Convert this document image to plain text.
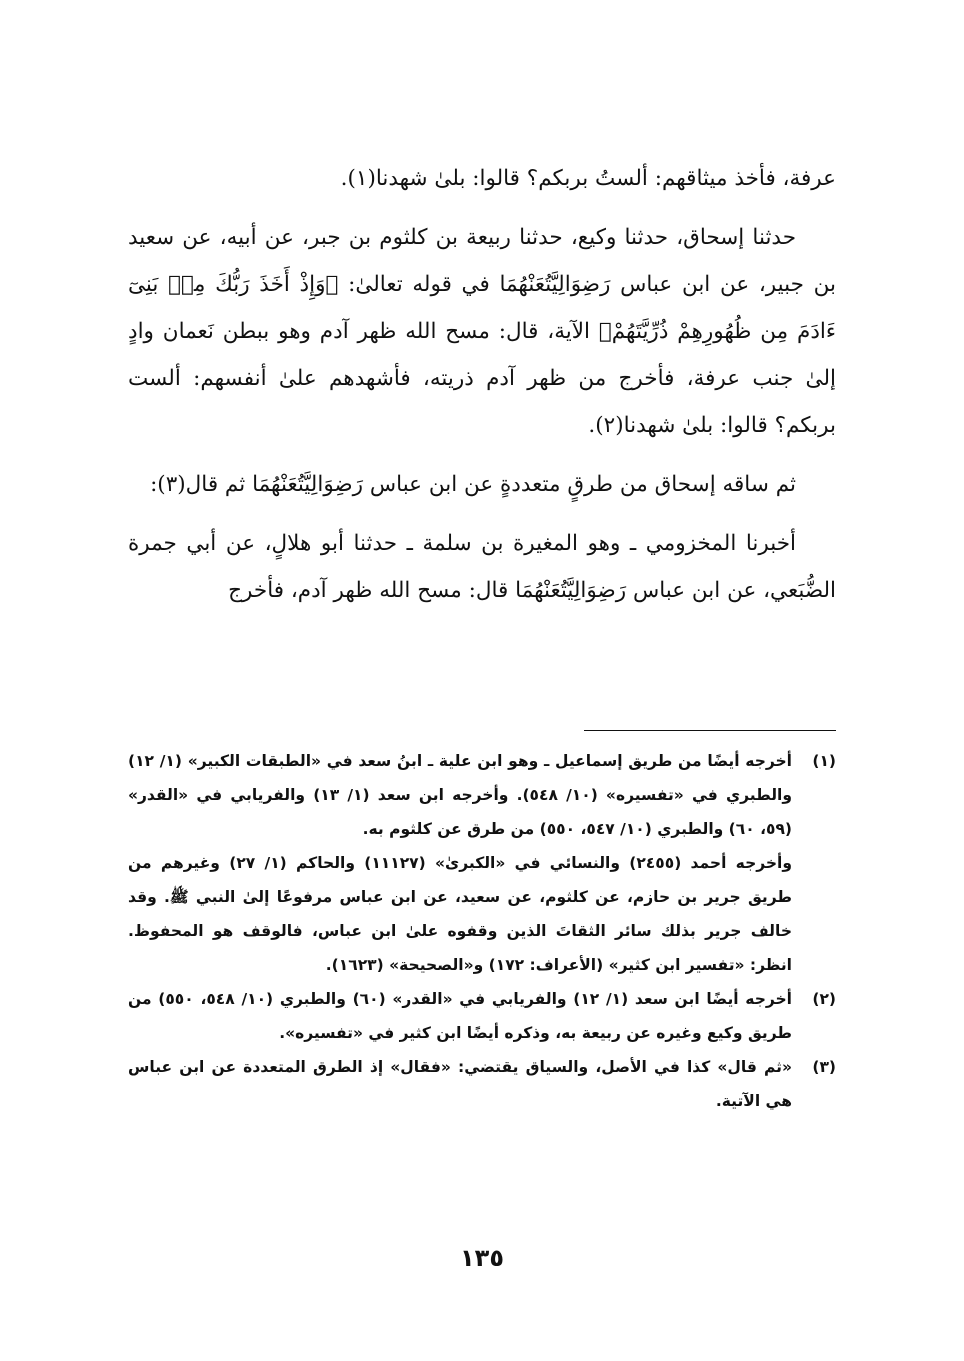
عرفة، فأخذ ميثاقهم: ألستُ بربكم؟ قالوا: بلىٰ شهدنا(١).

حدثنا إسحاق، حدثنا وكيع، حدثنا ربيعة بن كلثوم بن جبر، عن أبيه، عن سعيد بن جبير، عن ابن عباس رَضِوَالِيَّتُعَنْهُمَا في قوله تعالىٰ: ﴿وَإِذْ أَخَذَ رَبُّكَ مِنۢ بَنِىٓ ءَادَمَ مِن ظُهُورِهِمْ ذُرِّيَّتَهُمْ﴾ الآية، قال: مسح الله ظهر آدم وهو ببطن نَعمان وادٍ إلىٰ جنب عرفة، فأخرج من ظهر آدم ذريته، فأشهدهم علىٰ أنفسهم: ألست بربكم؟ قالوا: بلىٰ شهدنا(٢).

ثم ساقه إسحاق من طرقٍ متعددةٍ عن ابن عباس رَضِوَالِيَّتُعَنْهُمَا ثم قال(٣):

أخبرنا المخزومي ـ وهو المغيرة بن سلمة ـ حدثنا أبو هلالٍ، عن أبي جمرة الضُّبَعي، عن ابن عباس رَضِوَالِيَّتُعَنْهُمَا قال: مسح الله ظهر آدم، فأخرج

(١)
أخرجه أيضًا من طريق إسماعيل ـ وهو ابن علية ـ ابنُ سعد في «الطبقات الكبير» (١/ ١٢) والطبري في «تفسيره» (١٠/ ٥٤٨). وأخرجه ابن سعد (١/ ١٣) والفريابي في «القدر» (٥٩، ٦٠) والطبري (١٠/ ٥٤٧، ٥٥٠) من طرق عن كلثوم به.
وأخرجه أحمد (٢٤٥٥) والنسائي في «الكبرىٰ» (١١١٢٧) والحاكم (١/ ٢٧) وغيرهم من طريق جرير بن حازم، عن كلثوم، عن سعيد، عن ابن عباس مرفوعًا إلىٰ النبي ﷺ. وقد خالف جرير بذلك سائر الثقاتَ الذين وقفوه علىٰ ابن عباس، فالوقف هو المحفوظ. انظر: «تفسير ابن كثير» (الأعراف: ١٧٢) و«الصحيحة» (١٦٢٣).
(٢)
أخرجه أيضًا ابن سعد (١/ ١٢) والفريابي في «القدر» (٦٠) والطبري (١٠/ ٥٤٨، ٥٥٠) من طريق وكيع وغيره عن ربيعة به، وذكره أيضًا ابن كثير في «تفسيره».
(٣)
«ثم قال» كذا في الأصل، والسياق يقتضي: «فقال» إذ الطرق المتعددة عن ابن عباس هي الآتية.
١٣٥
